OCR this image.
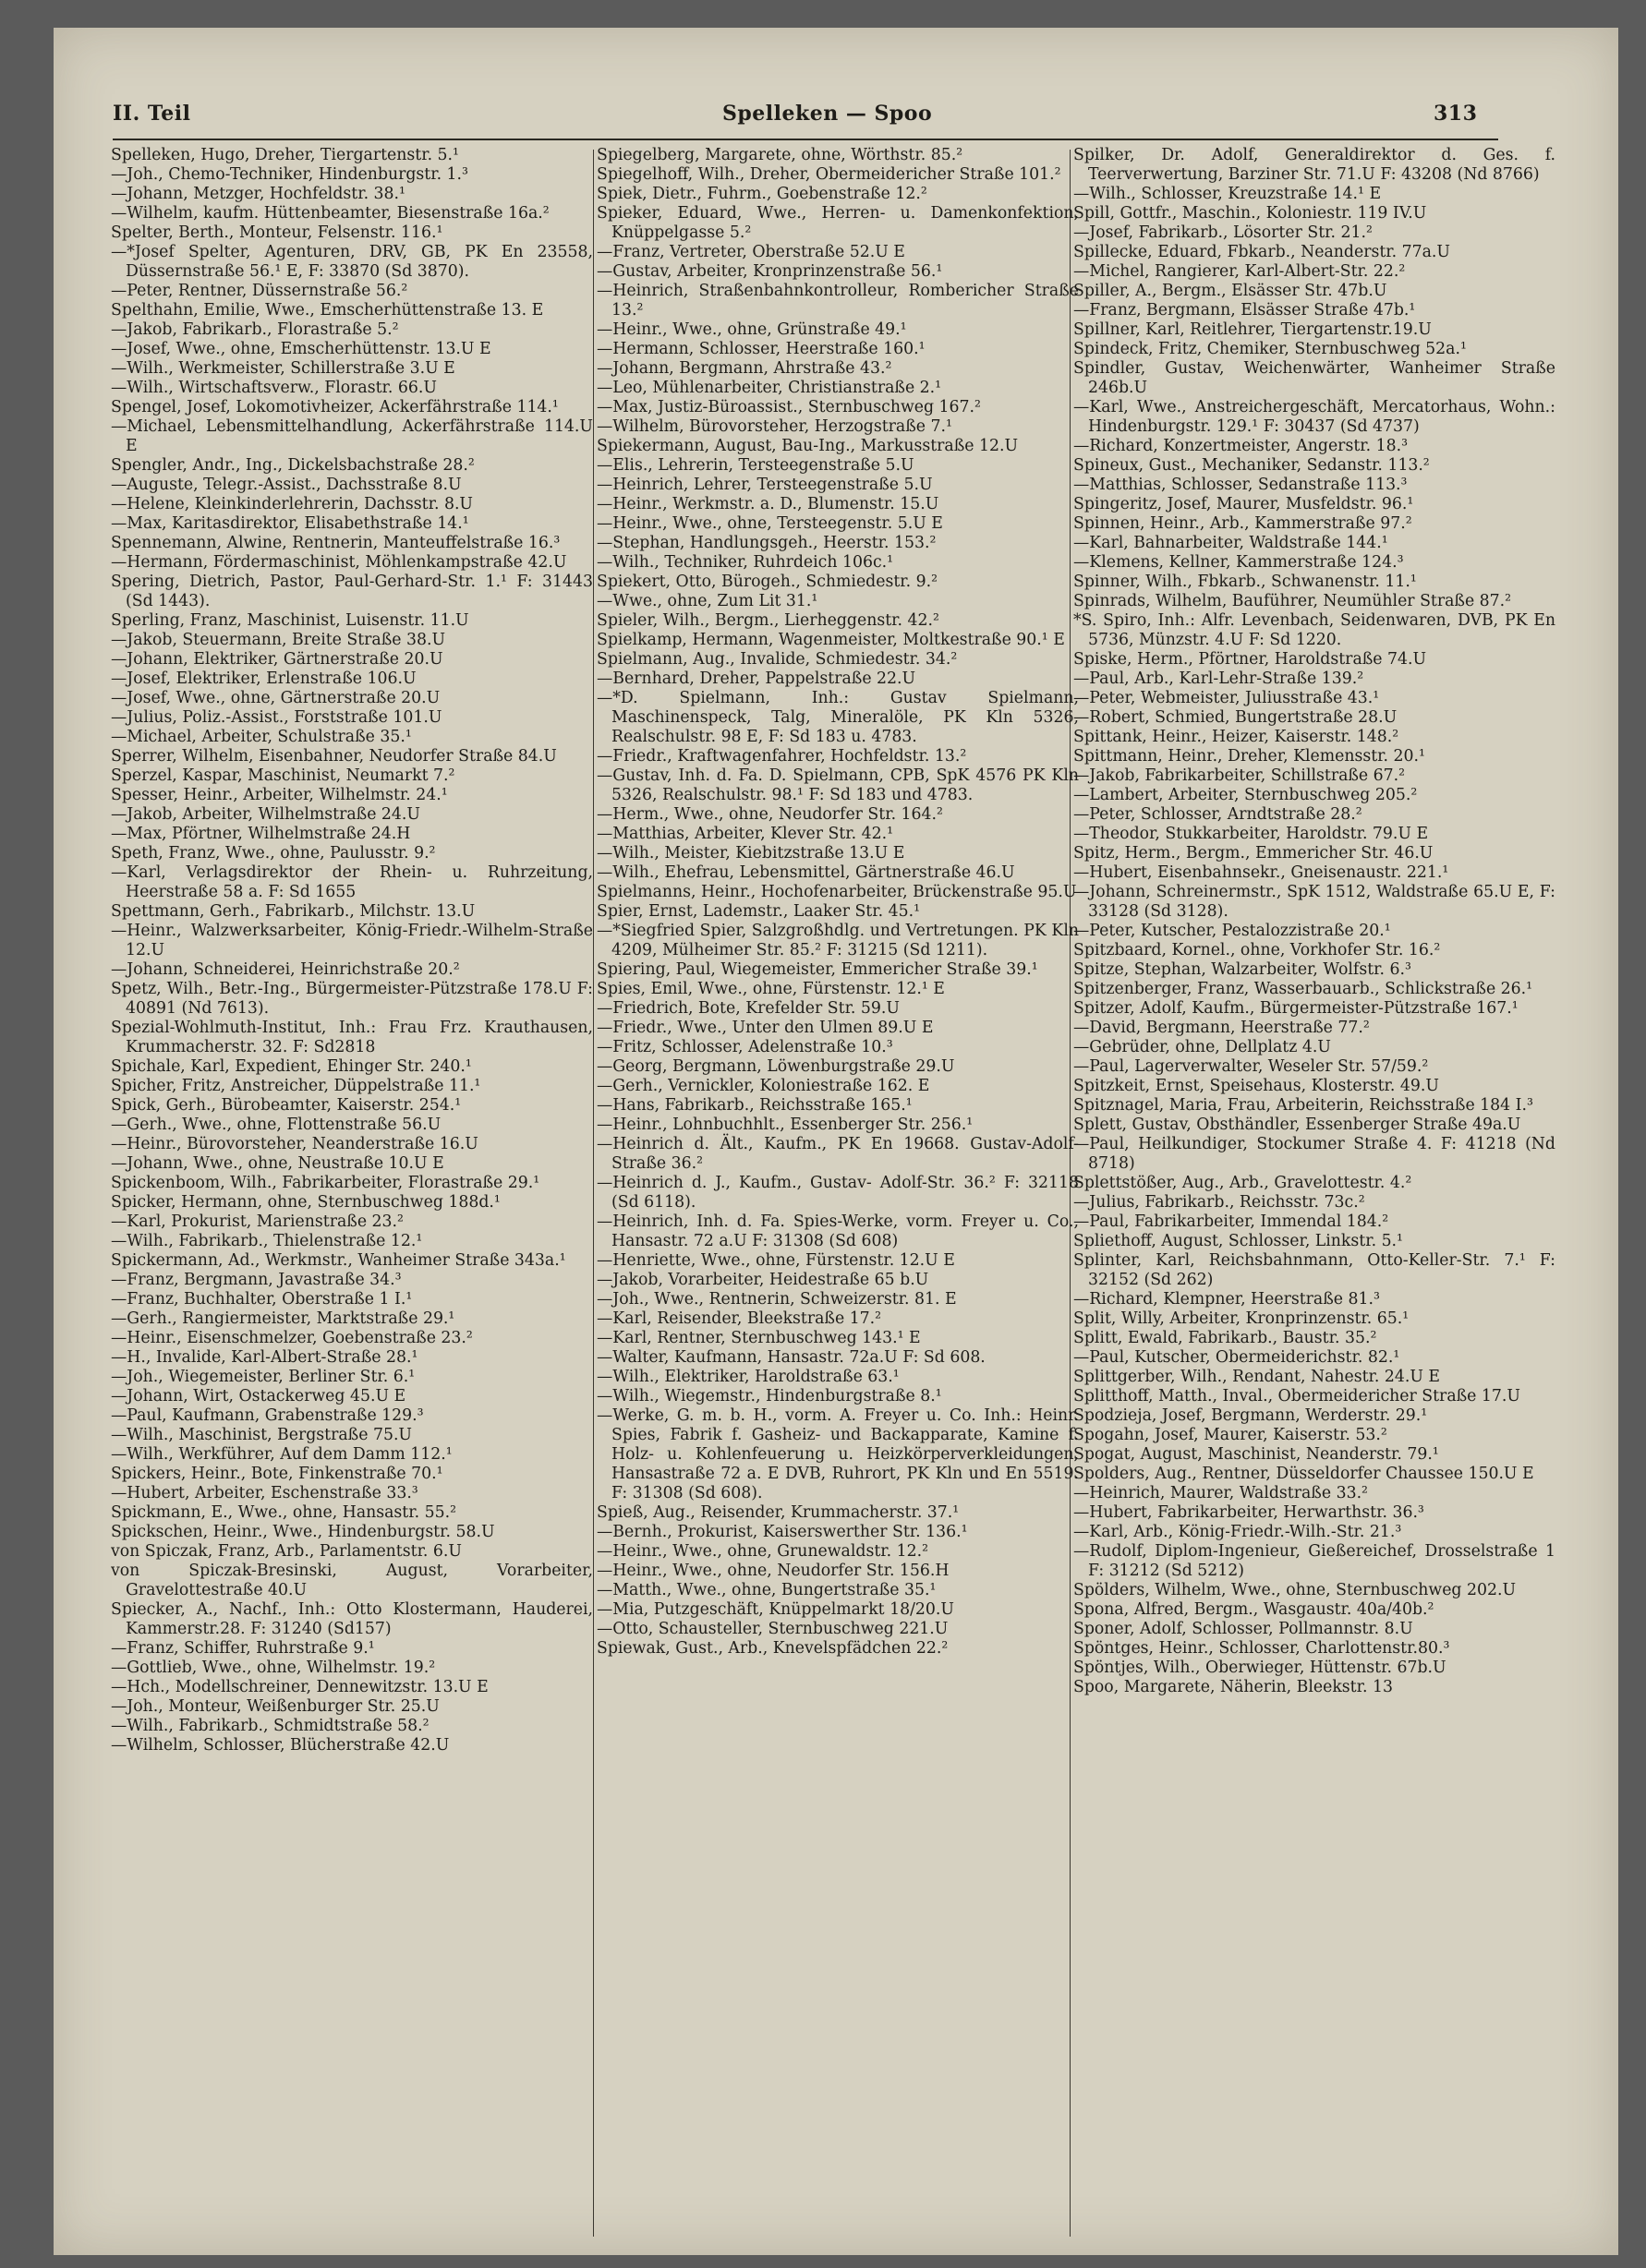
II. Teil	Spelleken — Spoo	313

Spelleken, Hugo, Dreher, Tiergartenstr. 5.¹

—Joh., Chemo-Techniker, Hindenburgstr. 1.³

—Johann, Metzger, Hochfeldstr. 38.¹

—Wilhelm, kaufm. Hüttenbeamter, Biesenstraße 16a.²

Spelter, Berth., Monteur, Felsenstr. 116.¹

—*Josef Spelter, Agenturen, DRV, GB, PK En 23558, Düssernstraße 56.¹ E, F: 33870 (Sd 3870).

—Peter, Rentner, Düssernstraße 56.²

Spelthahn, Emilie, Wwe., Emscherhüttenstraße 13. E

—Jakob, Fabrikarb., Florastraße 5.²

—Josef, Wwe., ohne, Emscherhüttenstr. 13.U E

—Wilh., Werkmeister, Schillerstraße 3.U E

—Wilh., Wirtschaftsverw., Florastr. 66.U

Spengel, Josef, Lokomotivheizer, Ackerfährstraße 114.¹

—Michael, Lebensmittelhandlung, Ackerfährstraße 114.U E

Spengler, Andr., Ing., Dickelsbachstraße 28.²

—Auguste, Telegr.-Assist., Dachsstraße 8.U

—Helene, Kleinkinderlehrerin, Dachsstr. 8.U

—Max, Karitasdirektor, Elisabethstraße 14.¹

Spennemann, Alwine, Rentnerin, Manteuffelstraße 16.³

—Hermann, Fördermaschinist, Möhlenkampstraße 42.U

Spering, Dietrich, Pastor, Paul-Gerhard-Str. 1.¹ F: 31443 (Sd 1443).

Sperling, Franz, Maschinist, Luisenstr. 11.U

—Jakob, Steuermann, Breite Straße 38.U

—Johann, Elektriker, Gärtnerstraße 20.U

—Josef, Elektriker, Erlenstraße 106.U

—Josef, Wwe., ohne, Gärtnerstraße 20.U

—Julius, Poliz.-Assist., Forststraße 101.U

—Michael, Arbeiter, Schulstraße 35.¹

Sperrer, Wilhelm, Eisenbahner, Neudorfer Straße 84.U

Sperzel, Kaspar, Maschinist, Neumarkt 7.²

Spesser, Heinr., Arbeiter, Wilhelmstr. 24.¹

—Jakob, Arbeiter, Wilhelmstraße 24.U

—Max, Pförtner, Wilhelmstraße 24.H

Speth, Franz, Wwe., ohne, Paulusstr. 9.²

—Karl, Verlagsdirektor der Rhein- u. Ruhrzeitung, Heerstraße 58 a. F: Sd 1655

Spettmann, Gerh., Fabrikarb., Milchstr. 13.U

—Heinr., Walzwerksarbeiter, König-Friedr.-Wilhelm-Straße 12.U

—Johann, Schneiderei, Heinrichstraße 20.²

Spetz, Wilh., Betr.-Ing., Bürgermeister-Pützstraße 178.U F: 40891 (Nd 7613).

Spezial-Wohlmuth-Institut, Inh.: Frau Frz. Krauthausen, Krummacherstr. 32. F: Sd2818

Spichale, Karl, Expedient, Ehinger Str. 240.¹

Spicher, Fritz, Anstreicher, Düppelstraße 11.¹

Spick, Gerh., Bürobeamter, Kaiserstr. 254.¹

—Gerh., Wwe., ohne, Flottenstraße 56.U

—Heinr., Bürovorsteher, Neanderstraße 16.U

—Johann, Wwe., ohne, Neustraße 10.U E

Spickenboom, Wilh., Fabrikarbeiter, Florastraße 29.¹

Spicker, Hermann, ohne, Sternbuschweg 188d.¹

—Karl, Prokurist, Marienstraße 23.²

—Wilh., Fabrikarb., Thielenstraße 12.¹

Spickermann, Ad., Werkmstr., Wanheimer Straße 343a.¹

—Franz, Bergmann, Javastraße 34.³

—Franz, Buchhalter, Oberstraße 1 I.¹

—Gerh., Rangiermeister, Marktstraße 29.¹

—Heinr., Eisenschmelzer, Goebenstraße 23.²

—H., Invalide, Karl-Albert-Straße 28.¹

—Joh., Wiegemeister, Berliner Str. 6.¹

—Johann, Wirt, Ostackerweg 45.U E

—Paul, Kaufmann, Grabenstraße 129.³

—Wilh., Maschinist, Bergstraße 75.U

—Wilh., Werkführer, Auf dem Damm 112.¹

Spickers, Heinr., Bote, Finkenstraße 70.¹

—Hubert, Arbeiter, Eschenstraße 33.³

Spickmann, E., Wwe., ohne, Hansastr. 55.²

Spickschen, Heinr., Wwe., Hindenburgstr. 58.U

von Spiczak, Franz, Arb., Parlamentstr. 6.U

von Spiczak-Bresinski, August, Vorarbeiter, Gravelottestraße 40.U

Spiecker, A., Nachf., Inh.: Otto Klostermann, Hauderei, Kammerstr.28. F: 31240 (Sd157)

—Franz, Schiffer, Ruhrstraße 9.¹

—Gottlieb, Wwe., ohne, Wilhelmstr. 19.²

—Hch., Modellschreiner, Dennewitzstr. 13.U E

—Joh., Monteur, Weißenburger Str. 25.U

—Wilh., Fabrikarb., Schmidtstraße 58.²

—Wilhelm, Schlosser, Blücherstraße 42.U

Spiegelberg, Margarete, ohne, Wörthstr. 85.²

Spiegelhoff, Wilh., Dreher, Obermeidericher Straße 101.²

Spiek, Dietr., Fuhrm., Goebenstraße 12.²

Spieker, Eduard, Wwe., Herren- u. Damenkonfektion, Knüppelgasse 5.²

—Franz, Vertreter, Oberstraße 52.U E

—Gustav, Arbeiter, Kronprinzenstraße 56.¹

—Heinrich, Straßenbahnkontrolleur, Rombericher Straße 13.²

—Heinr., Wwe., ohne, Grünstraße 49.¹

—Hermann, Schlosser, Heerstraße 160.¹

—Johann, Bergmann, Ahrstraße 43.²

—Leo, Mühlenarbeiter, Christianstraße 2.¹

—Max, Justiz-Büroassist., Sternbuschweg 167.²

—Wilhelm, Bürovorsteher, Herzogstraße 7.¹

Spiekermann, August, Bau-Ing., Markusstraße 12.U

—Elis., Lehrerin, Tersteegenstraße 5.U

—Heinrich, Lehrer, Tersteegenstraße 5.U

—Heinr., Werkmstr. a. D., Blumenstr. 15.U

—Heinr., Wwe., ohne, Tersteegenstr. 5.U E

—Stephan, Handlungsgeh., Heerstr. 153.²

—Wilh., Techniker, Ruhrdeich 106c.¹

Spiekert, Otto, Bürogeh., Schmiedestr. 9.²

—Wwe., ohne, Zum Lit 31.¹

Spieler, Wilh., Bergm., Lierheggenstr. 42.²

Spielkamp, Hermann, Wagenmeister, Moltkestraße 90.¹ E

Spielmann, Aug., Invalide, Schmiedestr. 34.²

—Bernhard, Dreher, Pappelstraße 22.U

—*D. Spielmann, Inh.: Gustav Spielmann, Maschinenspeck, Talg, Mineralöle, PK Kln 5326, Realschulstr. 98 E, F: Sd 183 u. 4783.

—Friedr., Kraftwagenfahrer, Hochfeldstr. 13.²

—Gustav, Inh. d. Fa. D. Spielmann, CPB, SpK 4576 PK Kln 5326, Realschulstr. 98.¹ F: Sd 183 und 4783.

—Herm., Wwe., ohne, Neudorfer Str. 164.²

—Matthias, Arbeiter, Klever Str. 42.¹

—Wilh., Meister, Kiebitzstraße 13.U E

—Wilh., Ehefrau, Lebensmittel, Gärtnerstraße 46.U

Spielmanns, Heinr., Hochofenarbeiter, Brückenstraße 95.U

Spier, Ernst, Lademstr., Laaker Str. 45.¹

—*Siegfried Spier, Salzgroßhdlg. und Vertretungen. PK Kln 4209, Mülheimer Str. 85.² F: 31215 (Sd 1211).

Spiering, Paul, Wiegemeister, Emmericher Straße 39.¹

Spies, Emil, Wwe., ohne, Fürstenstr. 12.¹ E

—Friedrich, Bote, Krefelder Str. 59.U

—Friedr., Wwe., Unter den Ulmen 89.U E

—Fritz, Schlosser, Adelenstraße 10.³

—Georg, Bergmann, Löwenburgstraße 29.U

—Gerh., Vernickler, Koloniestraße 162. E

—Hans, Fabrikarb., Reichsstraße 165.¹

—Heinr., Lohnbuchhlt., Essenberger Str. 256.¹

—Heinrich d. Ält., Kaufm., PK En 19668. Gustav-Adolf-Straße 36.²

—Heinrich d. J., Kaufm., Gustav- Adolf-Str. 36.² F: 32118 (Sd 6118).

—Heinrich, Inh. d. Fa. Spies-Werke, vorm. Freyer u. Co., Hansastr. 72 a.U F: 31308 (Sd 608)

—Henriette, Wwe., ohne, Fürstenstr. 12.U E

—Jakob, Vorarbeiter, Heidestraße 65 b.U

—Joh., Wwe., Rentnerin, Schweizerstr. 81. E

—Karl, Reisender, Bleekstraße 17.²

—Karl, Rentner, Sternbuschweg 143.¹ E

—Walter, Kaufmann, Hansastr. 72a.U F: Sd 608.

—Wilh., Elektriker, Haroldstraße 63.¹

—Wilh., Wiegemstr., Hindenburgstraße 8.¹

—Werke, G. m. b. H., vorm. A. Freyer u. Co. Inh.: Heinr. Spies, Fabrik f. Gasheiz- und Backapparate, Kamine f. Holz- u. Kohlenfeuerung u. Heizkörperverkleidungen, Hansastraße 72 a. E DVB, Ruhrort, PK Kln und En 5519. F: 31308 (Sd 608).

Spieß, Aug., Reisender, Krummacherstr. 37.¹

—Bernh., Prokurist, Kaiserswerther Str. 136.¹

—Heinr., Wwe., ohne, Grunewaldstr. 12.²

—Heinr., Wwe., ohne, Neudorfer Str. 156.H

—Matth., Wwe., ohne, Bungertstraße 35.¹

—Mia, Putzgeschäft, Knüppelmarkt 18/20.U

—Otto, Schausteller, Sternbuschweg 221.U

Spiewak, Gust., Arb., Knevelspfädchen 22.²

Spilker, Dr. Adolf, Generaldirektor d. Ges. f. Teerverwertung, Barziner Str. 71.U F: 43208 (Nd 8766)

—Wilh., Schlosser, Kreuzstraße 14.¹ E

Spill, Gottfr., Maschin., Koloniestr. 119 IV.U

—Josef, Fabrikarb., Lösorter Str. 21.²

Spillecke, Eduard, Fbkarb., Neanderstr. 77a.U

—Michel, Rangierer, Karl-Albert-Str. 22.²

Spiller, A., Bergm., Elsässer Str. 47b.U

—Franz, Bergmann, Elsässer Straße 47b.¹

Spillner, Karl, Reitlehrer, Tiergartenstr.19.U

Spindeck, Fritz, Chemiker, Sternbuschweg 52a.¹

Spindler, Gustav, Weichenwärter, Wanheimer Straße 246b.U

—Karl, Wwe., Anstreichergeschäft, Mercatorhaus, Wohn.: Hindenburgstr. 129.¹ F: 30437 (Sd 4737)

—Richard, Konzertmeister, Angerstr. 18.³

Spineux, Gust., Mechaniker, Sedanstr. 113.²

—Matthias, Schlosser, Sedanstraße 113.³

Spingeritz, Josef, Maurer, Musfeldstr. 96.¹

Spinnen, Heinr., Arb., Kammerstraße 97.²

—Karl, Bahnarbeiter, Waldstraße 144.¹

—Klemens, Kellner, Kammerstraße 124.³

Spinner, Wilh., Fbkarb., Schwanenstr. 11.¹

Spinrads, Wilhelm, Bauführer, Neumühler Straße 87.²

*S. Spiro, Inh.: Alfr. Levenbach, Seidenwaren, DVB, PK En 5736, Münzstr. 4.U F: Sd 1220.

Spiske, Herm., Pförtner, Haroldstraße 74.U

—Paul, Arb., Karl-Lehr-Straße 139.²

—Peter, Webmeister, Juliusstraße 43.¹

—Robert, Schmied, Bungertstraße 28.U

Spittank, Heinr., Heizer, Kaiserstr. 148.²

Spittmann, Heinr., Dreher, Klemensstr. 20.¹

—Jakob, Fabrikarbeiter, Schillstraße 67.²

—Lambert, Arbeiter, Sternbuschweg 205.²

—Peter, Schlosser, Arndtstraße 28.²

—Theodor, Stukkarbeiter, Haroldstr. 79.U E

Spitz, Herm., Bergm., Emmericher Str. 46.U

—Hubert, Eisenbahnsekr., Gneisenaustr. 221.¹

—Johann, Schreinermstr., SpK 1512, Waldstraße 65.U E, F: 33128 (Sd 3128).

—Peter, Kutscher, Pestalozzistraße 20.¹

Spitzbaard, Kornel., ohne, Vorkhofer Str. 16.²

Spitze, Stephan, Walzarbeiter, Wolfstr. 6.³

Spitzenberger, Franz, Wasserbauarb., Schlickstraße 26.¹

Spitzer, Adolf, Kaufm., Bürgermeister-Pützstraße 167.¹

—David, Bergmann, Heerstraße 77.²

—Gebrüder, ohne, Dellplatz 4.U

—Paul, Lagerverwalter, Weseler Str. 57/59.²

Spitzkeit, Ernst, Speisehaus, Klosterstr. 49.U

Spitznagel, Maria, Frau, Arbeiterin, Reichsstraße 184 I.³

Splett, Gustav, Obsthändler, Essenberger Straße 49a.U

—Paul, Heilkundiger, Stockumer Straße 4. F: 41218 (Nd 8718)

Splettstößer, Aug., Arb., Gravelottestr. 4.²

—Julius, Fabrikarb., Reichsstr. 73c.²

—Paul, Fabrikarbeiter, Immendal 184.²

Spliethoff, August, Schlosser, Linkstr. 5.¹

Splinter, Karl, Reichsbahnmann, Otto-Keller-Str. 7.¹ F: 32152 (Sd 262)

—Richard, Klempner, Heerstraße 81.³

Split, Willy, Arbeiter, Kronprinzenstr. 65.¹

Splitt, Ewald, Fabrikarb., Baustr. 35.²

—Paul, Kutscher, Obermeiderichstr. 82.¹

Splittgerber, Wilh., Rendant, Nahestr. 24.U E

Splitthoff, Matth., Inval., Obermeidericher Straße 17.U

Spodzieja, Josef, Bergmann, Werderstr. 29.¹

Spogahn, Josef, Maurer, Kaiserstr. 53.²

Spogat, August, Maschinist, Neanderstr. 79.¹

Spolders, Aug., Rentner, Düsseldorfer Chaussee 150.U E

—Heinrich, Maurer, Waldstraße 33.²

—Hubert, Fabrikarbeiter, Herwarthstr. 36.³

—Karl, Arb., König-Friedr.-Wilh.-Str. 21.³

—Rudolf, Diplom-Ingenieur, Gießereichef, Drosselstraße 1 F: 31212 (Sd 5212)

Spölders, Wilhelm, Wwe., ohne, Sternbuschweg 202.U

Spona, Alfred, Bergm., Wasgaustr. 40a/40b.²

Sponer, Adolf, Schlosser, Pollmannstr. 8.U

Spöntges, Heinr., Schlosser, Charlottenstr.80.³

Spöntjes, Wilh., Oberwieger, Hüttenstr. 67b.U

Spoo, Margarete, Näherin, Bleekstr. 13
